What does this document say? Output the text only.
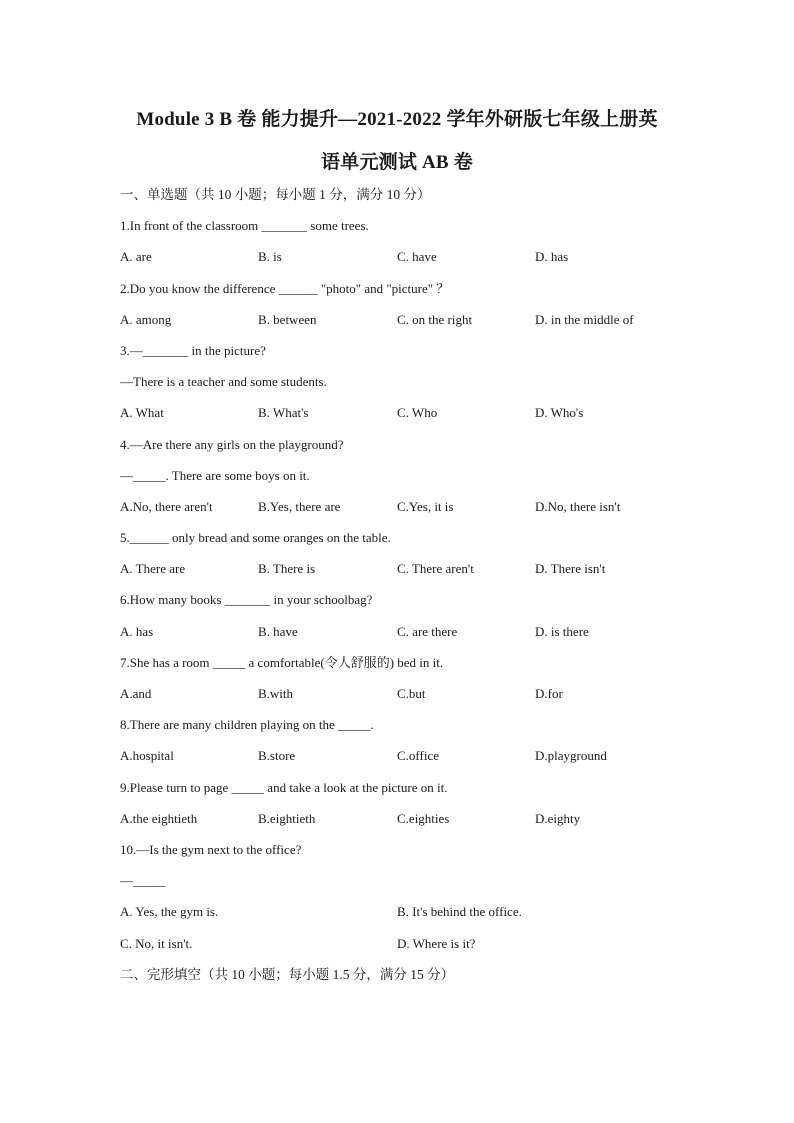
Module 3 B 卷 能力提升—2021-2022 学年外研版七年级上册英
语单元测试 AB 卷
一、单选题（共 10 小题；每小题 1 分，满分 10 分）
1.In front of the classroom _______ some trees.
A. are	B. is	C. have	D. has
2.Do you know the difference ______ "photo" and "picture" ？
A. among	B. between	C. on the right	D. in the middle of
3.—_______ in the picture?
—There is a teacher and some students.
A. What	B. What's	C. Who	D. Who's
4.—Are there any girls on the playground?
—_____. There are some boys on it.
A.No, there aren't	B.Yes, there are	C.Yes, it is	D.No, there isn't
5.______ only bread and some oranges on the table.
A. There are	B. There is	C. There aren't	D. There isn't
6.How many books _______ in your schoolbag?
A. has	B. have	C. are there	D. is there
7.She has a room _____ a comfortable(令人舒服的) bed in it.
A.and	B.with	C.but	D.for
8.There are many children playing on the _____.
A.hospital	B.store	C.office	D.playground
9.Please turn to page _____ and take a look at the picture on it.
A.the eightieth	B.eightieth	C.eighties	D.eighty
10.—Is the gym next to the office?
—_____
A. Yes, the gym is.	B. It's behind the office.
C. No, it isn't.	D. Where is it?
二、完形填空（共 10 小题；每小题 1.5 分，满分 15 分）
